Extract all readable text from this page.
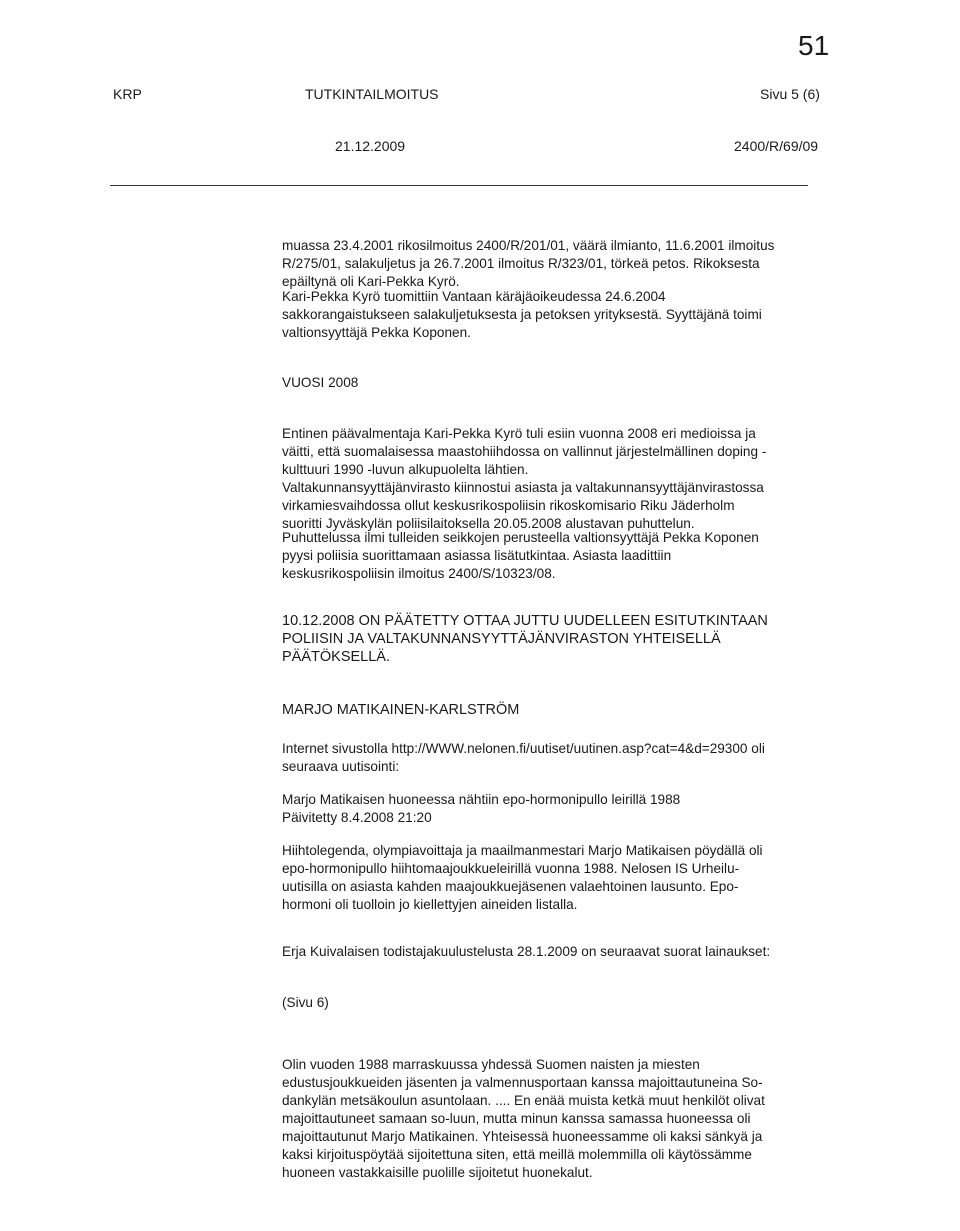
51
KRP	TUTKINTAILMOITUS	Sivu 5 (6)
21.12.2009	2400/R/69/09
muassa 23.4.2001 rikosilmoitus 2400/R/201/01, väärä ilmianto, 11.6.2001 ilmoitus
R/275/01, salakuljetus ja 26.7.2001 ilmoitus R/323/01, törkeä petos. Rikoksesta
epäiltynä oli Kari-Pekka Kyrö.
Kari-Pekka Kyrö tuomittiin Vantaan käräjäoikeudessa 24.6.2004
sakkorangaistukseen salakuljetuksesta ja petoksen yrityksestä. Syyttäjänä toimi
valtionsyyttäjä Pekka Koponen.
VUOSI 2008
Entinen päävalmentaja Kari-Pekka Kyrö tuli esiin vuonna 2008 eri medioissa ja
väitti, että suomalaisessa maastohiihdossa on vallinnut järjestelmällinen doping -
kulttuuri 1990 -luvun alkupuolelta lähtien.
Valtakunnansyyttäjänvirasto kiinnostui asiasta ja valtakunnansyyttäjänvirastossa
virkamiesvaihdossa ollut keskusrikospoliisin rikoskomisario Riku Jäderholm
suoritti Jyväskylän poliisilaitoksella 20.05.2008 alustavan puhuttelun.
Puhuttelussa ilmi tulleiden seikkojen perusteella valtionsyyttäjä Pekka Koponen
pyysi poliisia suorittamaan asiassa lisätutkintaa. Asiasta laadittiin
keskusrikospoliisin ilmoitus 2400/S/10323/08.
10.12.2008 ON PÄÄTETTY OTTAA JUTTU UUDELLEEN ESITUTKINTAAN
POLIISIN JA VALTAKUNNANSYYTTÄJÄNVIRASTON YHTEISELLÄ
PÄÄTÖKSELLÄ.
MARJO MATIKAINEN-KARLSTRÖM
Internet sivustolla http://WWW.nelonen.fi/uutiset/uutinen.asp?cat=4&d=29300 oli
seuraava uutisointi:
Marjo Matikaisen huoneessa nähtiin epo-hormonipullo leirillä 1988
Päivitetty 8.4.2008 21:20
Hiihtolegenda, olympiavoittaja ja maailmanmestari Marjo Matikaisen pöydällä oli
epo-hormonipullo hiihtomaajoukkueleirillä vuonna 1988. Nelosen IS Urheilu-
uutisilla on asiasta kahden maajoukkuejäsenen valaehtoinen lausunto. Epo-
hormoni oli tuolloin jo kiellettyjen aineiden listalla.
Erja Kuivalaisen todistajakuulustelusta 28.1.2009 on seuraavat suorat lainaukset:
(Sivu 6)
Olin vuoden 1988 marraskuussa yhdessä Suomen naisten ja miesten
edustusjoukkueiden jäsenten ja valmennusportaan kanssa majoittautuneina So-
dankylän metsäkoulun asuntolaan. .... En enää muista ketkä muut henkilöt olivat
majoittautuneet samaan so-luun, mutta minun kanssa samassa huoneessa oli
majoittautunut Marjo Matikainen. Yhteisessä huoneessamme oli kaksi sänkyä ja
kaksi kirjoituspöytää sijoitettuna siten, että meillä molemmilla oli käytössämme
huoneen vastakkaisille puolille sijoitetut huonekalut.
